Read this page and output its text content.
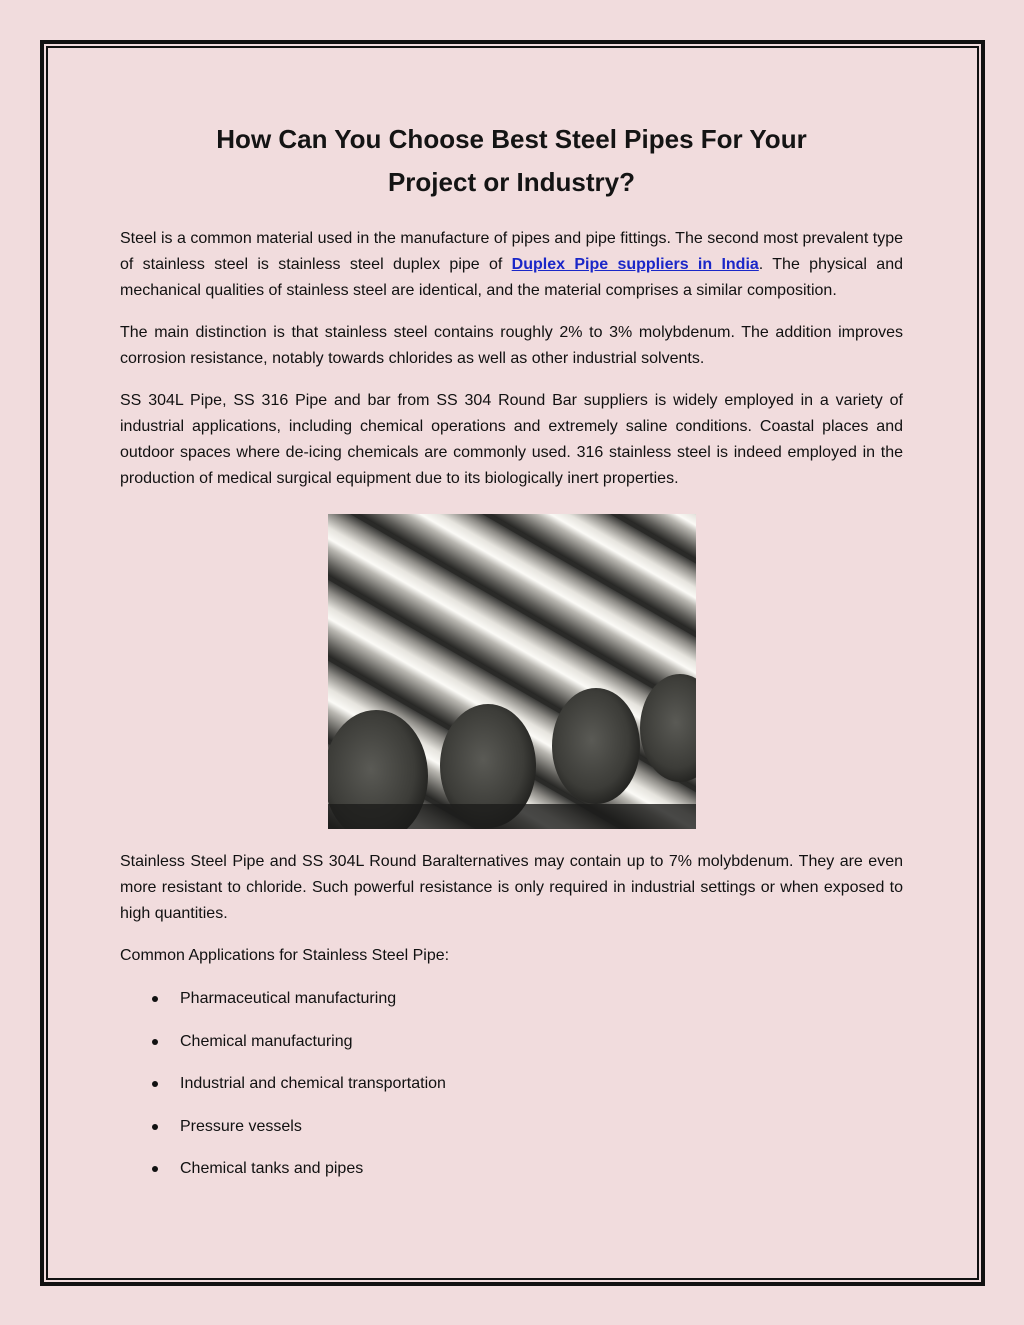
How Can You Choose Best Steel Pipes For Your Project or Industry?

Steel is a common material used in the manufacture of pipes and pipe fittings. The second most prevalent type of stainless steel is stainless steel duplex pipe of Duplex Pipe suppliers in India. The physical and mechanical qualities of stainless steel are identical, and the material comprises a similar composition.

The main distinction is that stainless steel contains roughly 2% to 3% molybdenum. The addition improves corrosion resistance, notably towards chlorides as well as other industrial solvents.

SS 304L Pipe, SS 316 Pipe and bar from SS 304 Round Bar suppliers is widely employed in a variety of industrial applications, including chemical operations and extremely saline conditions. Coastal places and outdoor spaces where de-icing chemicals are commonly used. 316 stainless steel is indeed employed in the production of medical surgical equipment due to its biologically inert properties.

Stainless Steel Pipe and SS 304L Round Baralternatives may contain up to 7% molybdenum. They are even more resistant to chloride. Such powerful resistance is only required in industrial settings or when exposed to high quantities.

Common Applications for Stainless Steel Pipe:

Pharmaceutical manufacturing
Chemical manufacturing
Industrial and chemical transportation
Pressure vessels
Chemical tanks and pipes
